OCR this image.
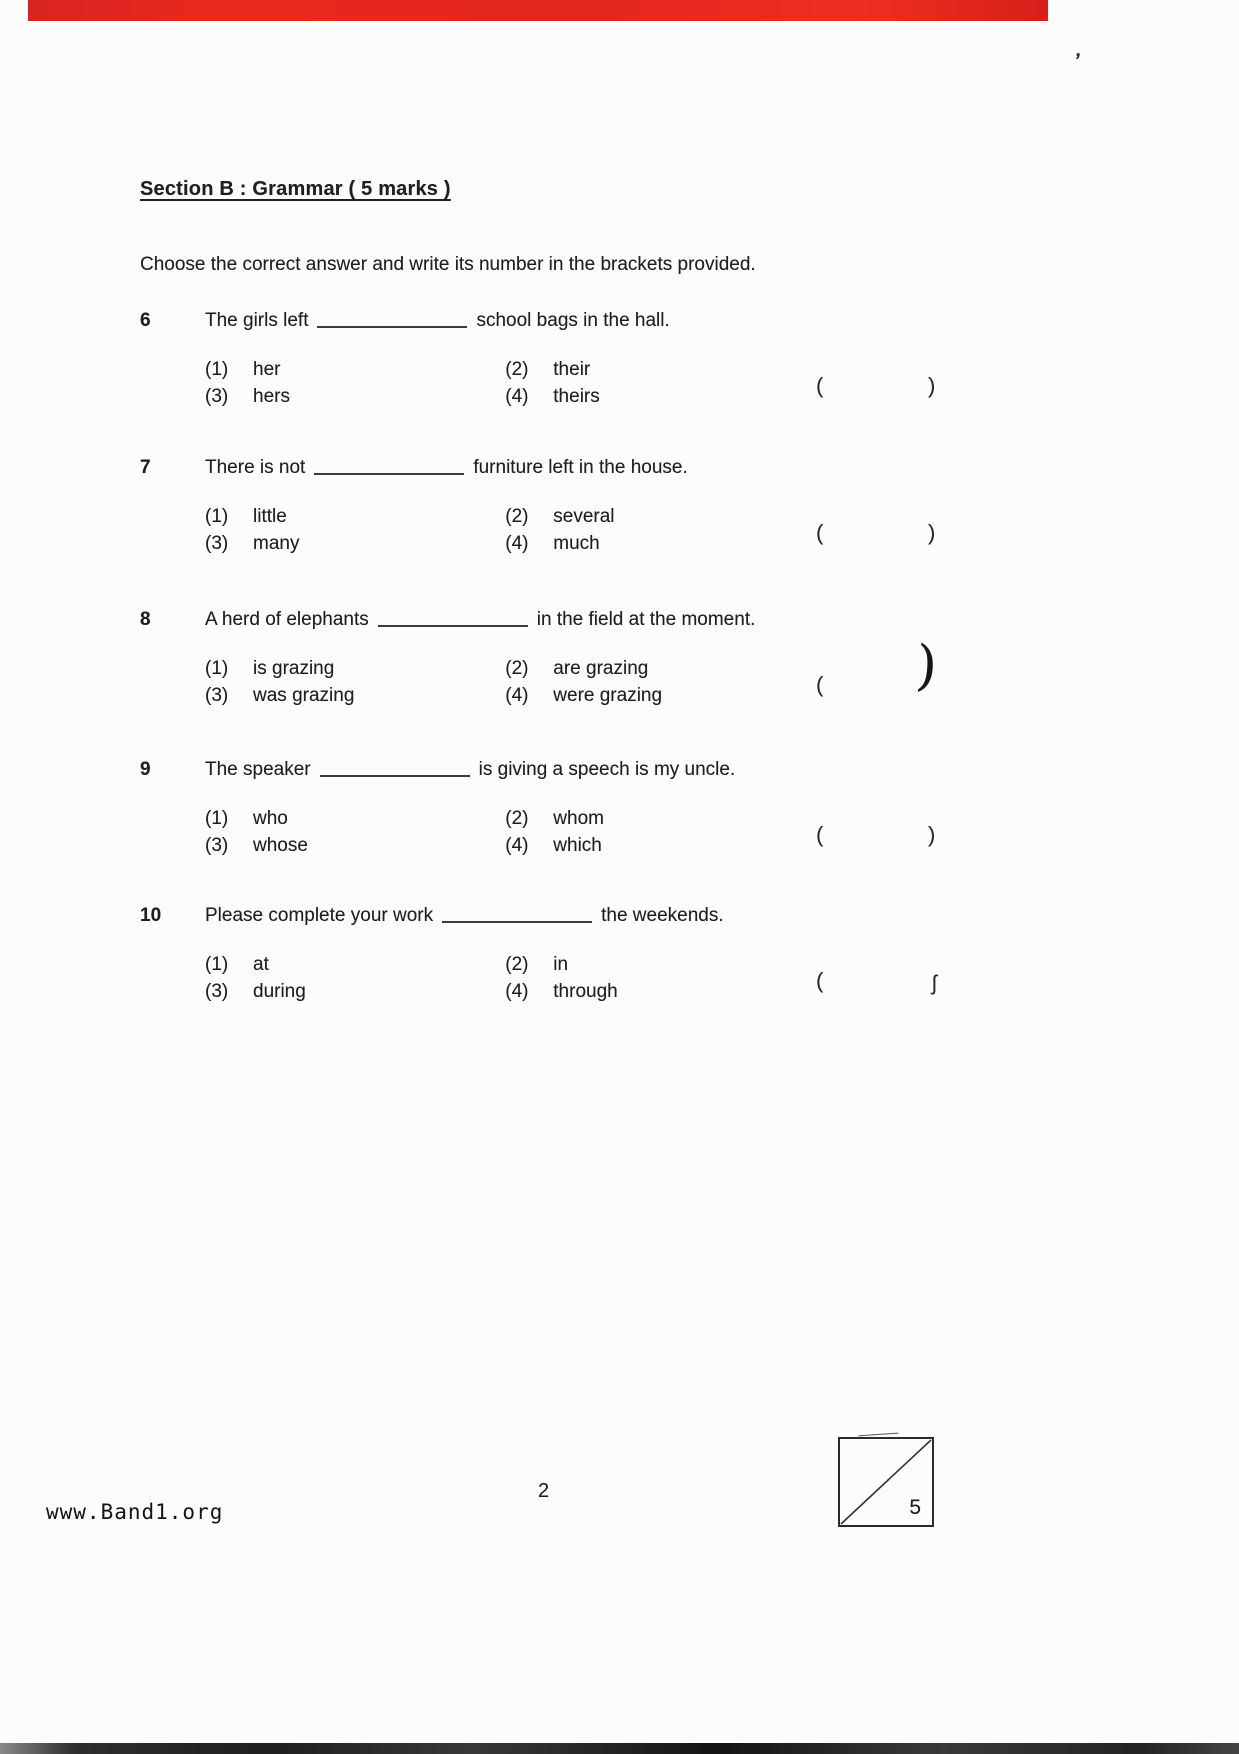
’
Section B : Grammar ( 5 marks )
Choose the correct answer and write its number in the brackets provided.
6	The girls left	school bags in the hall.
(1)	her
	(2)	their
(3)	hers
	(4)	theirs	(	)
7	There is not	furniture left in the house.
(1)	little
	(2)	several
(3)	many
	(4)	much	(	)
8	A herd of elephants	in the field at the moment.
(1)	is grazing
	(2)	are grazing
(3)	was grazing
	(4)	were grazing	( )
9	The speaker	is giving a speech is my uncle.
(1)	who
	(2)	whom
(3)	whose
	(4)	which	(	)
10	Please complete your work	the weekends.
(1)	at
	(2)	in
(3)	during
	(4)	through	(	ʃ
5
2
www.Band1.org
